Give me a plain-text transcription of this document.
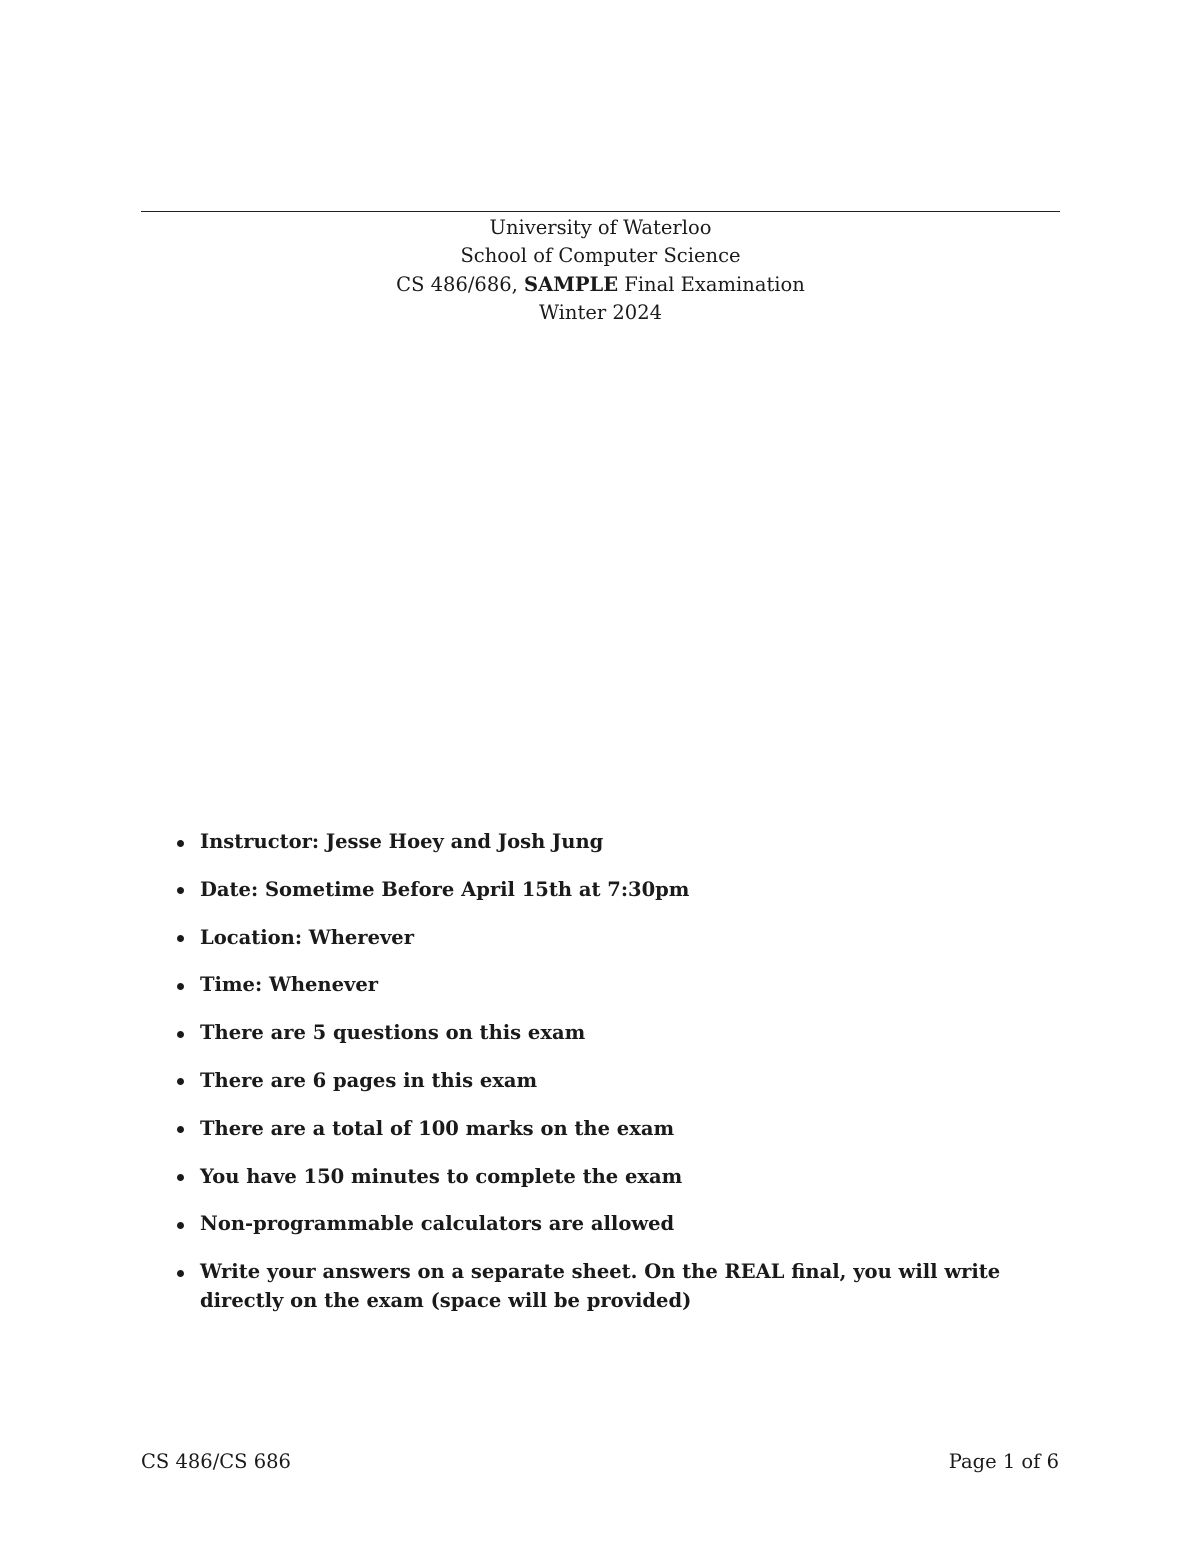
University of Waterloo
School of Computer Science
CS 486/686, SAMPLE Final Examination
Winter 2024
Instructor: Jesse Hoey and Josh Jung
Date: Sometime Before April 15th at 7:30pm
Location: Wherever
Time: Whenever
There are 5 questions on this exam
There are 6 pages in this exam
There are a total of 100 marks on the exam
You have 150 minutes to complete the exam
Non-programmable calculators are allowed
Write your answers on a separate sheet. On the REAL final, you will write directly on the exam (space will be provided)
CS 486/CS 686	Page 1 of 6
